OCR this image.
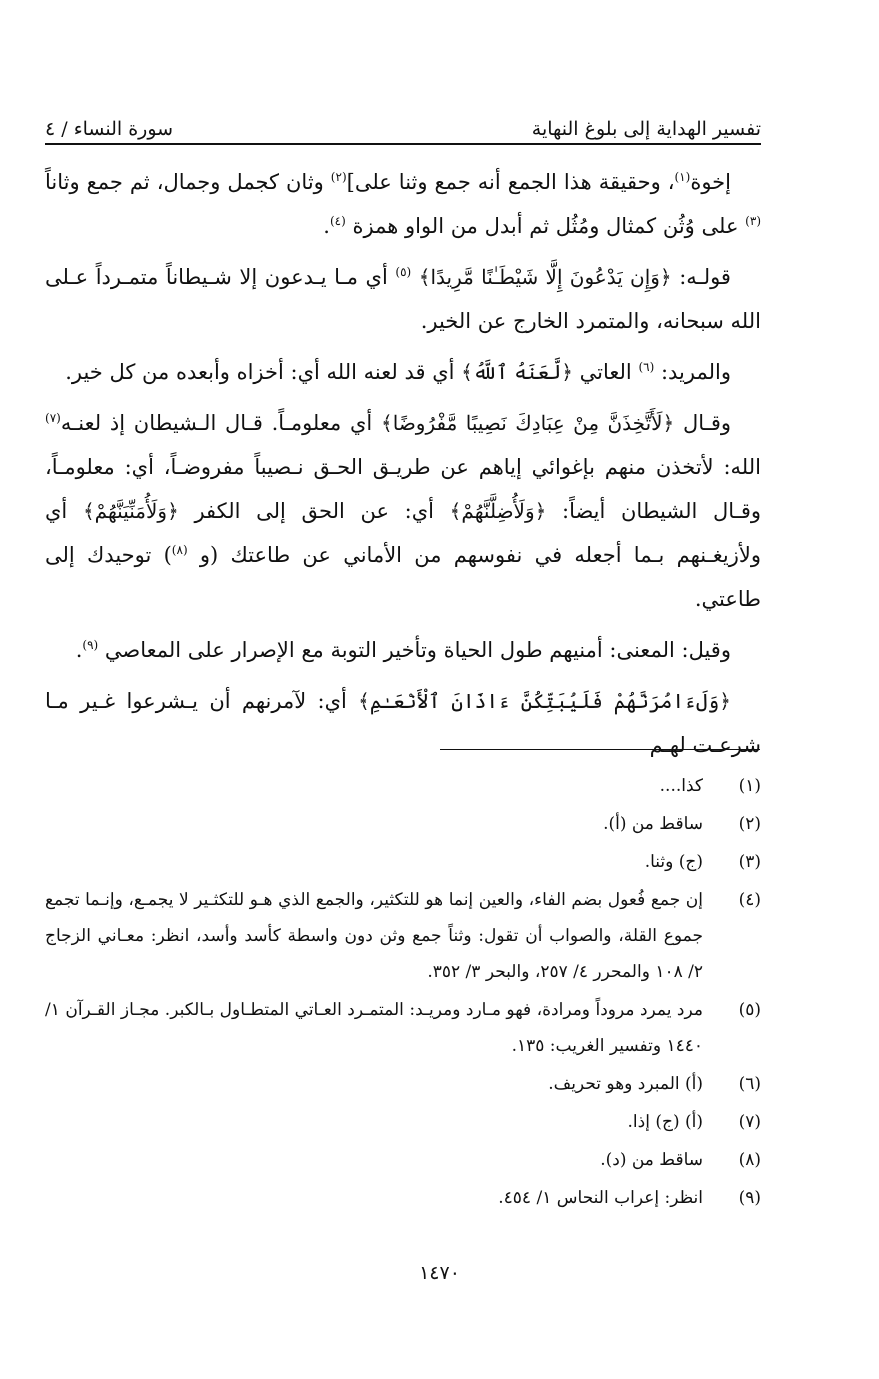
تفسير الهداية إلى بلوغ النهاية
سورة النساء / ٤

إخوة$^{(١)}$، وحقيقة هذا الجمع أنه جمع وثنا على]$^{(٢)}$ وثان كجمل وجمال، ثم جمع وثاناً $^{(٣)}$ على وُثُن كمثال ومُثُل ثم أبدل من الواو همزة $^{(٤)}$.

قولـه: ﴿وَإِن يَدْعُونَ إِلَّا شَيْطَـٰنًا مَّرِيدًا﴾ $^{(٥)}$ أي مـا يـدعون إلا شـيطاناً متمـرداً عـلى الله سبحانه، والمتمرد الخارج عن الخير.

والمريد: $^{(٦)}$ العاتي ﴿لَّعَنَهُ ٱللَّهُ﴾ أي قد لعنه الله أي: أخزاه وأبعده من كل خير.

وقـال ﴿لَأَتَّخِذَنَّ مِنْ عِبَادِكَ نَصِيبًا مَّفْرُوضًا﴾ أي معلومـاً. قـال الـشيطان إذ لعنـه$^{(٧)}$ الله: لأتخذن منهم بإغوائي إياهم عن طريـق الحـق نـصيباً مفروضـاً، أي: معلومـاً، وقـال الشيطان أيضاً: ﴿وَلَأُضِلَّنَّهُمْ﴾ أي: عن الحق إلى الكفر ﴿وَلَأُمَنِّيَنَّهُمْ﴾ أي ولأزيغـنهم بـما أجعله في نفوسهم من الأماني عن طاعتك (و $^{(٨)}$) توحيدك إلى طاعتي.

وقيل: المعنى: أمنيهم طول الحياة وتأخير التوبة مع الإصرار على المعاصي $^{(٩)}$.

﴿وَلَءَامُرَنَّهُمْ فَلَيُبَتِّكُنَّ ءَاذَانَ ٱلْأَنْعَـٰمِ﴾ أي: لآمرنهم أن يـشرعوا غـير مـا شرعـت لهـم

(١)
كذا....
(٢)
ساقط من (أ).
(٣)
(ج) وثنا.
(٤)
إن جمع فُعول بضم الفاء، والعين إنما هو للتكثير، والجمع الذي هـو للتكثـير لا يجمـع، وإنـما تجمع جموع القلة، والصواب أن تقول: وثناً جمع وثن دون واسطة كأسد وأسد، انظر: معـاني الزجاج ٢/ ١٠٨ والمحرر ٤/ ٢٥٧، والبحر ٣/ ٣٥٢.
(٥)
مرد يمرد مروداً ومرادة، فهو مـارد ومريـد: المتمـرد العـاتي المتطـاول بـالكبر. مجـاز القـرآن ١/ ١٤٤٠ وتفسير الغريب: ١٣٥.
(٦)
(أ) المبرد وهو تحريف.
(٧)
(أ) (ج) إذا.
(٨)
ساقط من (د).
(٩)
انظر: إعراب النحاس ١/ ٤٥٤.
١٤٧٠
